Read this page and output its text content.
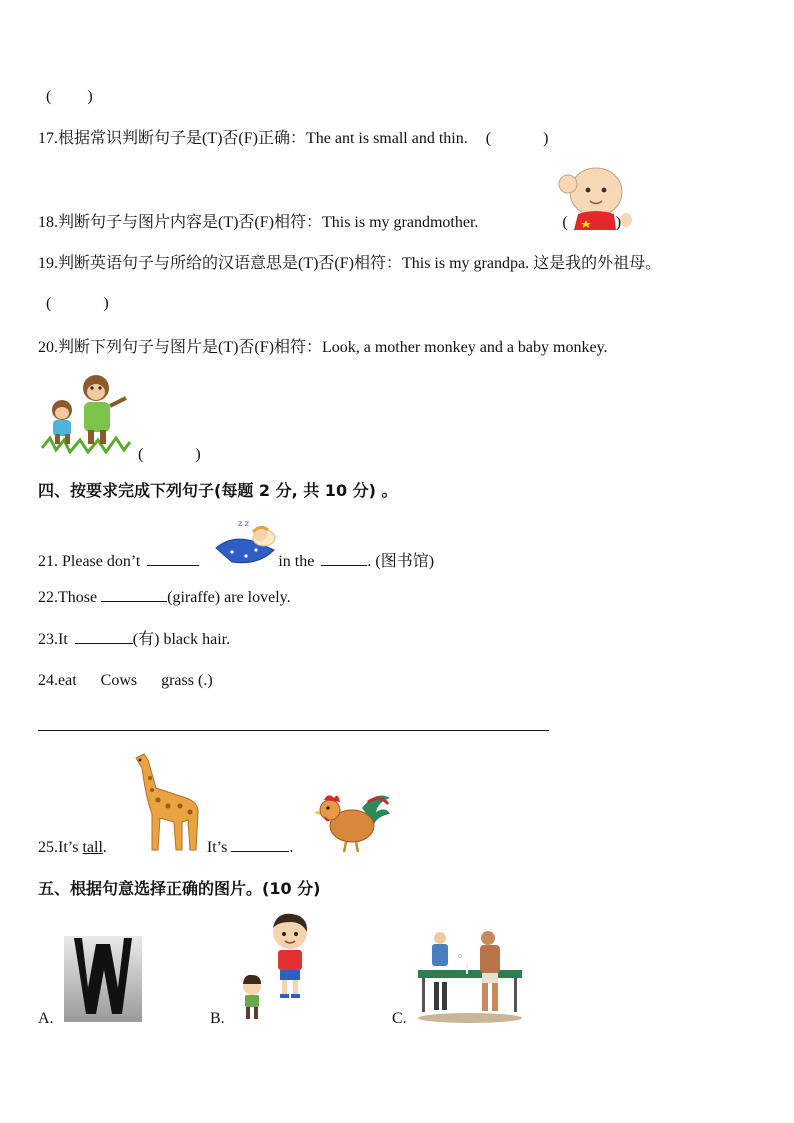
(　　 )
17.根据常识判断句子是(T)否(F)正确：The ant is small and thin. (　　　 )
18.判断句子与图片内容是(T)否(F)相符：This is my grandmother.	(　　　)
19.判断英语句子与所给的汉语意思是(T)否(F)相符：This is my grandpa. 这是我的外祖母。
(　　　 )
20.判断下列句子与图片是(T)否(F)相符：Look, a mother monkey and a baby monkey.
(　　　 )
四、按要求完成下列句子(每题 2 分, 共 10 分) 。
z z
21. Please don’t	in the	. (图书馆)
22.Those	(giraffe) are lovely.
23.It	(有) black hair.
24.eat      Cows      grass (.)
25.It’s tall.	It’s	.
五、根据句意选择正确的图片。(10 分)
A.	B.	C.
